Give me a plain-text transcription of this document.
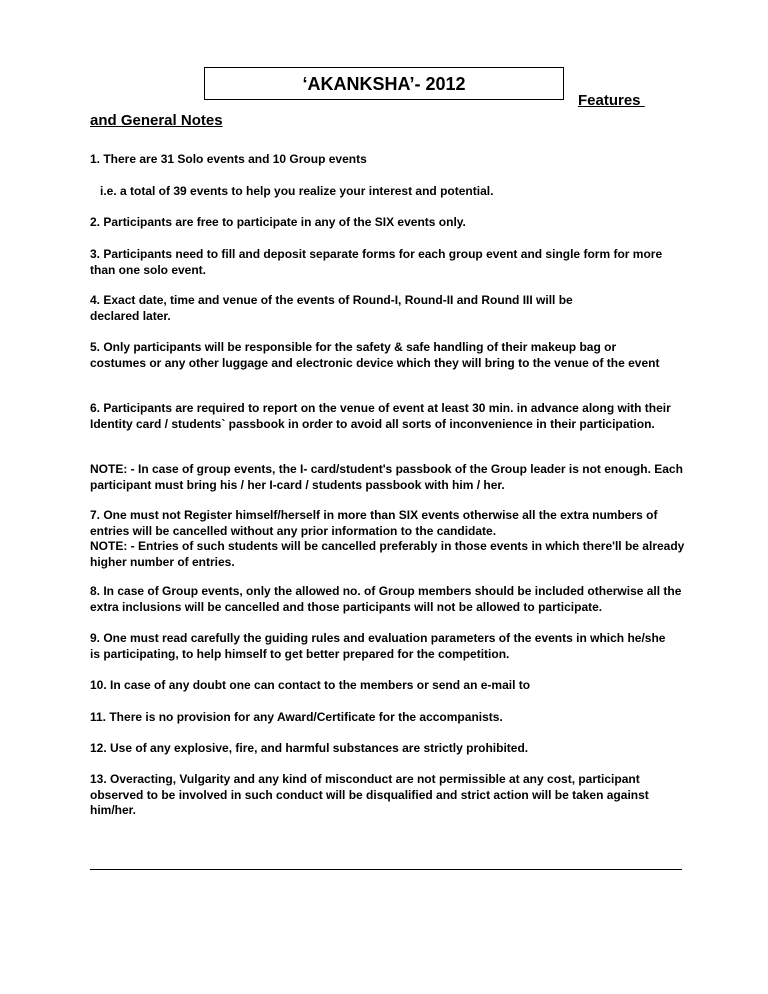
‘AKANKSHA’- 2012
Features
and General Notes

1. There are 31 Solo events and 10 Group events

i.e. a total of 39 events to help you realize your interest and potential.

2. Participants are free to participate in any of the SIX events only.

3. Participants need to fill and deposit separate forms for each group event and single form for more than one solo event.

4. Exact date, time and venue of the events of Round-I, Round-II and Round III will be declared later.

5. Only participants will be responsible for the safety & safe handling of their makeup bag or costumes or any other luggage and electronic device which they will bring to the venue of the event

6. Participants are required to report on the venue of event at least 30 min. in advance along with their Identity card / students` passbook in order to avoid all sorts of inconvenience in their participation.

NOTE: - In case of group events, the I- card/student's passbook of the Group leader is not enough. Each participant must bring his / her I-card / students passbook with him / her.

7. One must not Register himself/herself in more than SIX events otherwise all the extra numbers of entries will be cancelled without any prior information to the candidate.

NOTE: - Entries of such students will be cancelled preferably in those events in which there'll be already higher number of entries.

8. In case of Group events, only the allowed no. of Group members should be included otherwise all the extra inclusions will be cancelled and those participants will not be allowed to participate.

9. One must read carefully the guiding rules and evaluation parameters of the events in which he/she is participating, to help himself to get better prepared for the competition.

10. In case of any doubt one can contact to the members or send an e-mail to

11. There is no provision for any Award/Certificate for the accompanists.

12. Use of any explosive, fire, and harmful substances are strictly prohibited.

13. Overacting, Vulgarity and any kind of misconduct are not permissible at any cost, participant observed to be involved in such conduct will be disqualified and strict action will be taken against him/her.
